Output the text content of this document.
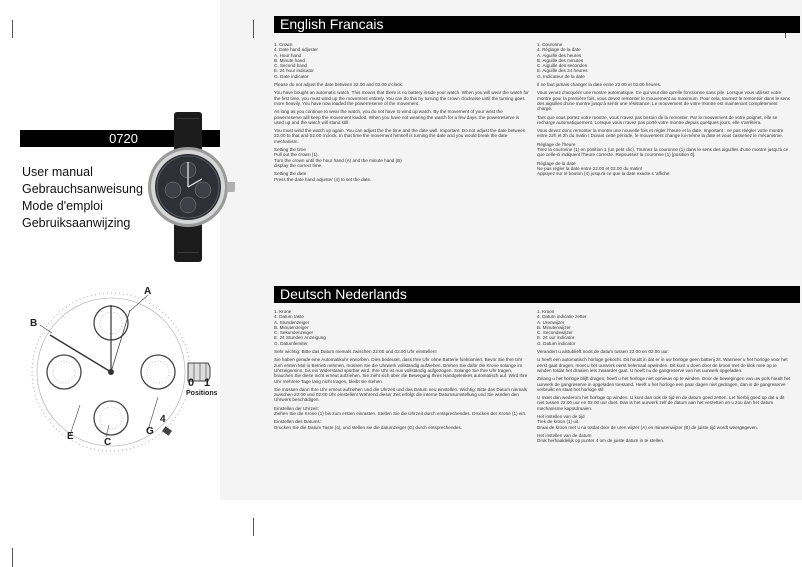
0720
User manual
Gebrauchsanweisung
Mode d'emploi
Gebruiksaanwijzing
A
B
C
E	G
4
0 1
Positions
English Francais
Deutsch Nederlands
1. Crown
4. Date hand adjuster
A. Hour hand
B. Minute hand
C. Second hand
E. 24 hour indicator
G. Date indicator

Please do not adjust the date between 22.00 and 02.00 o'clock.

You have bought an automatic watch. This means that there is no battery inside your watch. When you will wear the watch for the first time, you must wind up the movement entirely. You can do this by turning the crown clockwise until the turning goes more heavily. You have now loaded the powerreserve of the movement.

As long as you continue to wear the watch, you do not have to wind up watch. By the movement of your wrist the powerreserve will keep the movement loaded. When you have not wearing the watch for a few days, the powerreserve is used up and the watch will stand still.

You must wind the watch up again. You can adjust the the time and the date well. Important: Do not adjust the date between 22.00 to that and 02.00 o'clock. In that time the movement himself is turning the date and you would break the date mechanism.

Setting the time
Pull out the crown (1).
Turn the crown until the hour hand (A) and the minute hand (B)
display the correct time.

Setting the date
Press the date hand adjuster (4) to set the date.

1. Couronne
4. Réglage de la date
A. Aiguille des heures
B. Aiguille des minutes
C. Aiguille des secondes
E. Aiguille des 24 heures
G. Indicateur de la date

Il ne faut jamais changer la date entre 22.00 et 02.00 heures.

Vous venez d'acquérir une montre automatique. Ce qui veut dire qu'elle fonctionne sans pile. Lorsque vous utilisez votre montre pour la première fois, vous devez remonter le mouvement au maximum. Pour cela, tournez le remontoir dans le sens des aiguilles d'une montre jusqu'à sentir une résistance. Le mouvement de votre montre est maintenant complètement chargé.

Tant que vous portez votre montre, vous n'avez pas besoin de la remonter. Par le mouvement de votre poignet, elle se recharge automatiquement. Lorsque vous n'avez pas porté votre montre depuis quelques jours, elle s'arrêtéra.

Vous devez donc remonter la montre une nouvelle fois et régler l'heure et la date. Important : ne pas réégler votre montre entre 22h et 2h du matin ! Durant cette période, le mouvement change lui-même la date et vous casseriez le mécanisme.

Réglage de l'heure
Tirez la couronne (1) en position 1 (un petit clic). Tournez la couronne (1) dans le sens des aiguilles d'une montre jusqu'à ce que celle-ci indiquent l'heure correcte. Repoussez la couronne (1) [position 0].

Réglage de la date
Ne pas régler la date entre 22.00 et 02.00 du matin!
Appuyez sur le bouton (4) jusqu'à ce que la date exacte s 'affiche.

1. Krone
4. Datum taste
A. Stundenzeiger
B. Minutenzeiger
C. Sekundenzeiger
E. 24 Stunden Anzeigung
G. Datumfenster

Sehr wichtig: Bitte das Datum niemals zwischen 22:00 und 02.00 Uhr einstellen!

Sie haben gerade eine Automatikuhr erworben. Dies bedeutet, dass Ihre Uhr ohne Batterie funktioniert. Bevor Sie Ihre Uhr zum ersten Mal in Betrieb nehmen, müssen Sie die Uhrwerk vollständig aufziehen. Drehen Sie dafür die Krone solange im Uhrzeigersinn, bis ein Widerstand spürbar wird. Ihre Uhr ist nun vollständig aufgezogen. Solange Sie Ihre Uhr tragen, brauchen Sie diese nicht erneut aufziehen. Sie zieht sich über die Bewegung Ihres Handgelenkes automatisch auf. Wird Ihre Uhr mehrere Tage lang nicht tragen, bleibt sie stehen.

Sie müssen dann Ihre Uhr erneut aufziehen und die Uhrzeit und das Datum neu einstellen. Wichtig: Bitte das Datum niemals zwischen 22:00 und 02:00 Uhr einstellen! Während dieser Zeit erfolgt die interne Datumsumstellung und Sie würden den Uhrwerk beschädigen.

Einstellen der Uhrzeit:
Ziehen Sie die Krone (1) bis zum ersten einrasten. Stellen Sie die Uhrzeit durch entsprechendes. Drücken der Krone (1) ein.

Einstellen des Datums:
Drucken Sie die Datum Taste (4), und stellen sie die datumzeiger (G) durch entsprechendes.

1. Kroon
4. Datum indicatie zetter
A. Urenwijzer
B. Minutenwijzer
C. Secondewijzer
E. 24 uur indicator
G. Datum indicator

Verandert u alstublieft nooit de datum tussen 22.00 en 02.00 uur.

U heeft een automatisch horloge gekocht. Dit houdt in dat er in uw horloge geen batterij zit. Wanneer u het horloge voor het eerst gaat dragen, moet u het uurwerk eerst helemaal opwinden. Dit kunt u doen door de kroon met de klok mee op te winden totdat het draaien iets zwaarder gaat. U heeft nu de gangreserve van het uurwerk opgeladen.

Zolang u het horloge blijft dragen, hoeft u het horloge niet opnieuw op te winden. Door de bewegingen van uw pols houdt het uurwerk de gangreserve in opgeladen toestand. Heeft u het horloge een paar dagen niet gedragen, dan is de gangreserve verbruikt en staat het horloge stil.

U moet dan wederom het horloge op winden. U kunt dan ook de tijd en de datum goed zetten. Let hierbij goed op dat u dit niet tussen 22.00 uur en 02.00 uur doet. Dan is het uurwerk zelf de datum aan het verzetten en u zou dan het datum mechanisme kapotdraaien.

Het instellen van de tijd
Trek de kroon (1) uit.
Draai de kroon met u na totdat door de uren wijzer (A) en minutenwijzer (B) de juiste tijd wordt weergegeven.

Het instellen van de datum
Druk herhaaldelijk op punter 4 om de juiste datum in te stellen.
